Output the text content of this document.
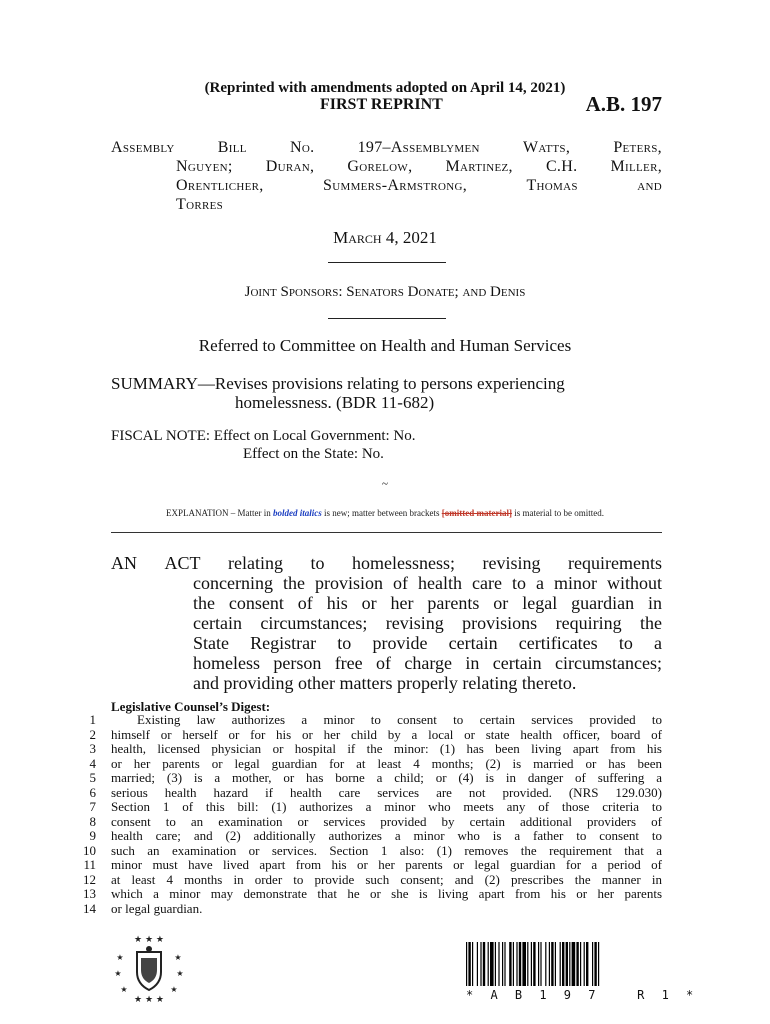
(Reprinted with amendments adopted on April 14, 2021)
FIRST REPRINT	A.B. 197
Assembly	Bill	No.	197–Assemblymen	Watts,	Peters,
Nguyen; Duran, Gorelow, Martinez, C.H. Miller,
Orentlicher,	Summers-Armstrong,	Thomas	and
Torres
March 4, 2021
Joint Sponsors: Senators Donate; and Denis
Referred to Committee on Health and Human Services
SUMMARY—Revises provisions relating to persons experiencing
homelessness. (BDR 11-682)
FISCAL NOTE: Effect on Local Government: No.
Effect on the State: No.
~
EXPLANATION – Matter in bolded italics is new; matter between brackets [omitted material] is material to be omitted.
AN ACT relating to homelessness; revising requirements
concerning the provision of health care to a minor without
the consent of his or her parents or legal guardian in
certain circumstances; revising provisions requiring the
State Registrar to provide certain certificates to a
homeless person free of charge in certain circumstances;
and providing other matters properly relating thereto.
Legislative Counsel’s Digest:
1
2
3
4
5
6
7
8
9
10
11
12
13
14
Existing law authorizes a minor to consent to certain services provided to
himself or herself or for his or her child by a local or state health officer, board of
health, licensed physician or hospital if the minor: (1) has been living apart from his
or her parents or legal guardian for at least 4 months; (2) is married or has been
married; (3) is a mother, or has borne a child; or (4) is in danger of suffering a
serious health hazard if health care services are not provided. (NRS 129.030)
Section 1 of this bill: (1) authorizes a minor who meets any of those criteria to
consent to an examination or services provided by certain additional providers of
health care; and (2) additionally authorizes a minor who is a father to consent to
such an examination or services. Section 1 also: (1) removes the requirement that a
minor must have lived apart from his or her parents or legal guardian for a period of
at least 4 months in order to provide such consent; and (2) prescribes the manner in
which a minor may demonstrate that he or she is living apart from his or her parents
or legal guardian.
★ ★ ★
★	★
★	★
★	★
★ ★ ★	* A B 1 9 7   R 1 *
